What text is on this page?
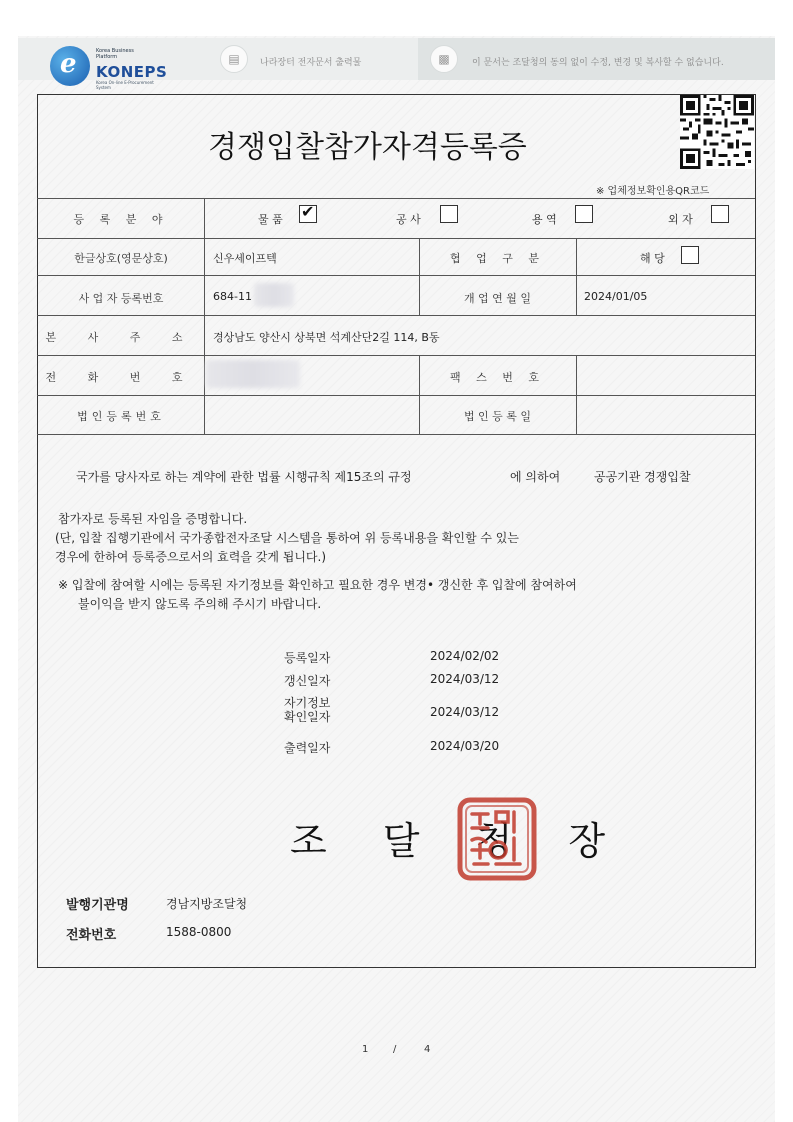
e	Korea Business Platform
KONEPS
Korea On-line E-Procurement System
▤	나라장터 전자문서 출력물	▩	이 문서는 조달청의 동의 없이 수정, 변경 및 복사할 수 없습니다.
경쟁입찰참가자격등록증
※ 업체정보확인용QR코드
등 록 분 야	물 품 ✔	공 사	용 역	외 자
한글상호(영문상호)	신우세이프텍	협 업 구 분	해 당
사 업 자 등록번호	684-11	개 업 연 월 일	2024/01/05
본 사 주 소	경상남도 양산시 상북면 석계산단2길 114, B동
전 화 번 호	팩 스 번 호
법인등록번호	법 인 등 록 일
국가를 당사자로 하는 계약에 관한 법률 시행규칙 제15조의 규정	에 의하여	공공기관 경쟁입찰
참가자로 등록된 자임을 증명합니다.
(단, 입찰 집행기관에서 국가종합전자조달 시스템을 통하여 위 등록내용을 확인할 수 있는
경우에 한하여 등록증으로서의 효력을 갖게 됩니다.)
※ 입찰에 참여할 시에는 등록된 자기정보를 확인하고 필요한 경우 변경• 갱신한 후 입찰에 참여하여
불이익을 받지 않도록 주의해 주시기 바랍니다.
등록일자	2024/02/02
갱신일자	2024/03/12
자기정보
확인일자	2024/03/12
출력일자	2024/03/20
조 달 청 장
발행기관명	경남지방조달청
전화번호	1588-0800
1 /	4
